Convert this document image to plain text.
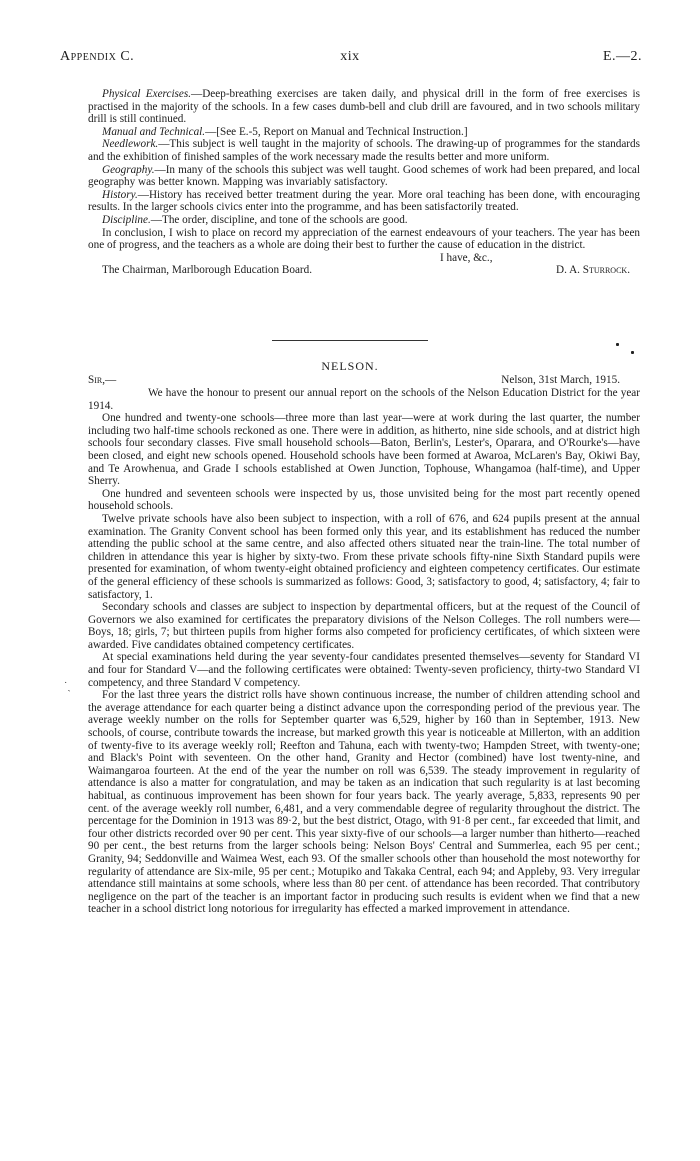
Appendix C.	xix	E.—2.

Physical Exercises.—Deep-breathing exercises are taken daily, and physical drill in the form of free exercises is practised in the majority of the schools. In a few cases dumb-bell and club drill are favoured, and in two schools military drill is still continued.

Manual and Technical.—[See E.-5, Report on Manual and Technical Instruction.]

Needlework.—This subject is well taught in the majority of schools. The drawing-up of programmes for the standards and the exhibition of finished samples of the work necessary made the results better and more uniform.

Geography.—In many of the schools this subject was well taught. Good schemes of work had been prepared, and local geography was better known. Mapping was invariably satisfactory.

History.—History has received better treatment during the year. More oral teaching has been done, with encouraging results. In the larger schools civics enter into the programme, and has been satisfactorily treated.

Discipline.—The order, discipline, and tone of the schools are good.

In conclusion, I wish to place on record my appreciation of the earnest endeavours of your teachers. The year has been one of progress, and the teachers as a whole are doing their best to further the cause of education in the district.

I have, &c.,

The Chairman, Marlborough Education Board.	D. A. Sturrock.

NELSON.
Sir,—	Nelson, 31st March, 1915.

We have the honour to present our annual report on the schools of the Nelson Education District for the year 1914.

One hundred and twenty-one schools—three more than last year—were at work during the last quarter, the number including two half-time schools reckoned as one. There were in addition, as hitherto, nine side schools, and at district high schools four secondary classes. Five small household schools—Baton, Berlin's, Lester's, Oparara, and O'Rourke's—have been closed, and eight new schools opened. Household schools have been formed at Awaroa, McLaren's Bay, Okiwi Bay, and Te Arowhenua, and Grade I schools established at Owen Junction, Tophouse, Whangamoa (half-time), and Upper Sherry.

One hundred and seventeen schools were inspected by us, those unvisited being for the most part recently opened household schools.

Twelve private schools have also been subject to inspection, with a roll of 676, and 624 pupils present at the annual examination. The Granity Convent school has been formed only this year, and its establishment has reduced the number attending the public school at the same centre, and also affected others situated near the train-line. The total number of children in attendance this year is higher by sixty-two. From these private schools fifty-nine Sixth Standard pupils were presented for examination, of whom twenty-eight obtained proficiency and eighteen competency certificates. Our estimate of the general efficiency of these schools is summarized as follows: Good, 3; satisfactory to good, 4; satisfactory, 4; fair to satisfactory, 1.

Secondary schools and classes are subject to inspection by departmental officers, but at the request of the Council of Governors we also examined for certificates the preparatory divisions of the Nelson Colleges. The roll numbers were—Boys, 18; girls, 7; but thirteen pupils from higher forms also competed for proficiency certificates, of which sixteen were awarded. Five candidates obtained competency certificates.

At special examinations held during the year seventy-four candidates presented themselves—seventy for Standard VI and four for Standard V—and the following certificates were obtained: Twenty-seven proficiency, thirty-two Standard VI competency, and three Standard V competency.

For the last three years the district rolls have shown continuous increase, the number of children attending school and the average attendance for each quarter being a distinct advance upon the corresponding period of the previous year. The average weekly number on the rolls for September quarter was 6,529, higher by 160 than in September, 1913. New schools, of course, contribute towards the increase, but marked growth this year is noticeable at Millerton, with an addition of twenty-five to its average weekly roll; Reefton and Tahuna, each with twenty-two; Hampden Street, with twenty-one; and Black's Point with seventeen. On the other hand, Granity and Hector (combined) have lost twenty-nine, and Waimangaroa fourteen. At the end of the year the number on roll was 6,539. The steady improvement in regularity of attendance is also a matter for congratulation, and may be taken as an indication that such regularity is at last becoming habitual, as continuous improvement has been shown for four years back. The yearly average, 5,833, represents 90 per cent. of the average weekly roll number, 6,481, and a very commendable degree of regularity throughout the district. The percentage for the Dominion in 1913 was 89·2, but the best district, Otago, with 91·8 per cent., far exceeded that limit, and four other districts recorded over 90 per cent. This year sixty-five of our schools—a larger number than hitherto—reached 90 per cent., the best returns from the larger schools being: Nelson Boys' Central and Summerlea, each 95 per cent.; Granity, 94; Seddonville and Waimea West, each 93. Of the smaller schools other than household the most noteworthy for regularity of attendance are Six-mile, 95 per cent.; Motupiko and Takaka Central, each 94; and Appleby, 93. Very irregular attendance still maintains at some schools, where less than 80 per cent. of attendance has been recorded. That contributory negligence on the part of the teacher is an important factor in producing such results is evident when we find that a new teacher in a school district long notorious for irregularity has effected a marked improvement in attendance.

˙ˏ
